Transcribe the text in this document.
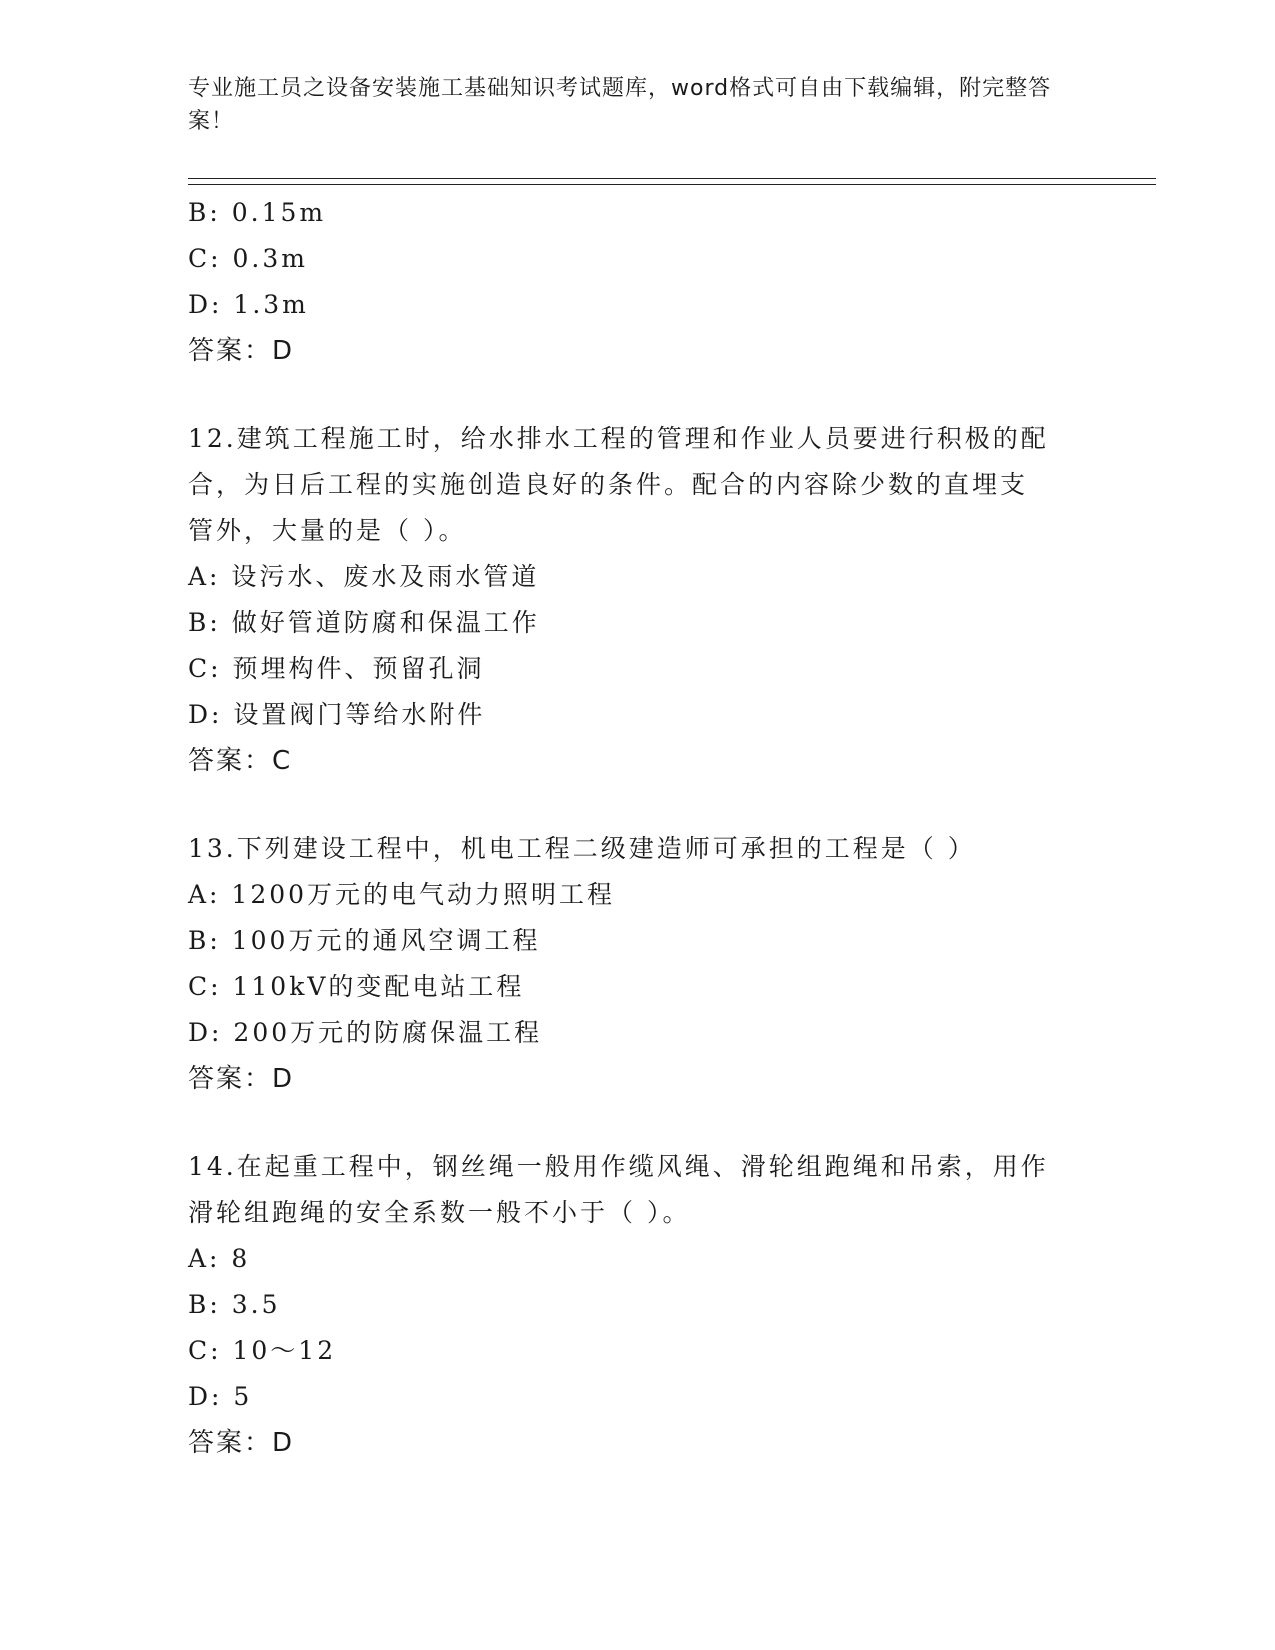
专业施工员之设备安装施工基础知识考试题库，word格式可自由下载编辑，附完整答案！
B: 0.15m
C: 0.3m
D: 1.3m
答案：D
12.建筑工程施工时，给水排水工程的管理和作业人员要进行积极的配
合，为日后工程的实施创造良好的条件。配合的内容除少数的直埋支
管外，大量的是（ ）。
A: 设污水、废水及雨水管道
B: 做好管道防腐和保温工作
C: 预埋构件、预留孔洞
D: 设置阀门等给水附件
答案：C
13.下列建设工程中，机电工程二级建造师可承担的工程是（ ）
A: 1200万元的电气动力照明工程
B: 100万元的通风空调工程
C: 110kV的变配电站工程
D: 200万元的防腐保温工程
答案：D
14.在起重工程中，钢丝绳一般用作缆风绳、滑轮组跑绳和吊索，用作
滑轮组跑绳的安全系数一般不小于（ ）。
A: 8
B: 3.5
C: 10～12
D: 5
答案：D
